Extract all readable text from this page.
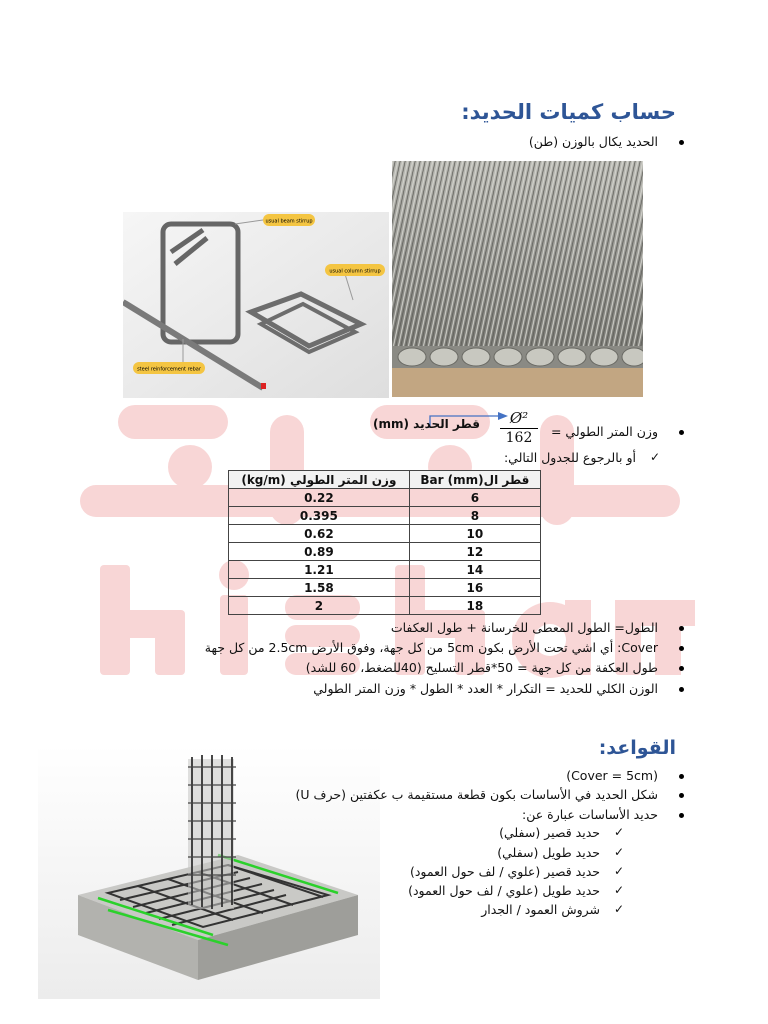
حساب كميات الحديد:
الحديد يكال بالوزن (طن)
usual beam stirrup
usual column stirrup
steel reinforcement rebar
وزن المتر الطولي =
$\frac{\text{Ø²}}{162}$
قطر الحديد (mm)
✓
أو بالرجوع للجدول التالي:
وزن المتر الطولي (kg/m)	قطر الBar (mm)
0.22	6
0.395	8
0.62	10
0.89	12
1.21	14
1.58	16
2	18
الطول= الطول المعطى للخرسانة + طول العكفات
Cover: أي اشي تحت الأرض بكون 5cm من كل جهة، وفوق الأرض 2.5cm من كل جهة
طول العكفة من كل جهة = 50*قطر التسليح (40للضغط، 60 للشد)
الوزن الكلي للحديد = التكرار * العدد * الطول * وزن المتر الطولي
القواعد:
(Cover = 5cm)
شكل الحديد في الأساسات بكون قطعة مستقيمة ب عكفتين (حرف U)
حديد الأساسات عبارة عن:
✓
حديد قصير (سفلي)
✓
حديد طويل (سفلي)
✓
حديد قصير (علوي / لف حول العمود)
✓
حديد طويل (علوي / لف حول العمود)
✓
شروش العمود / الجدار
